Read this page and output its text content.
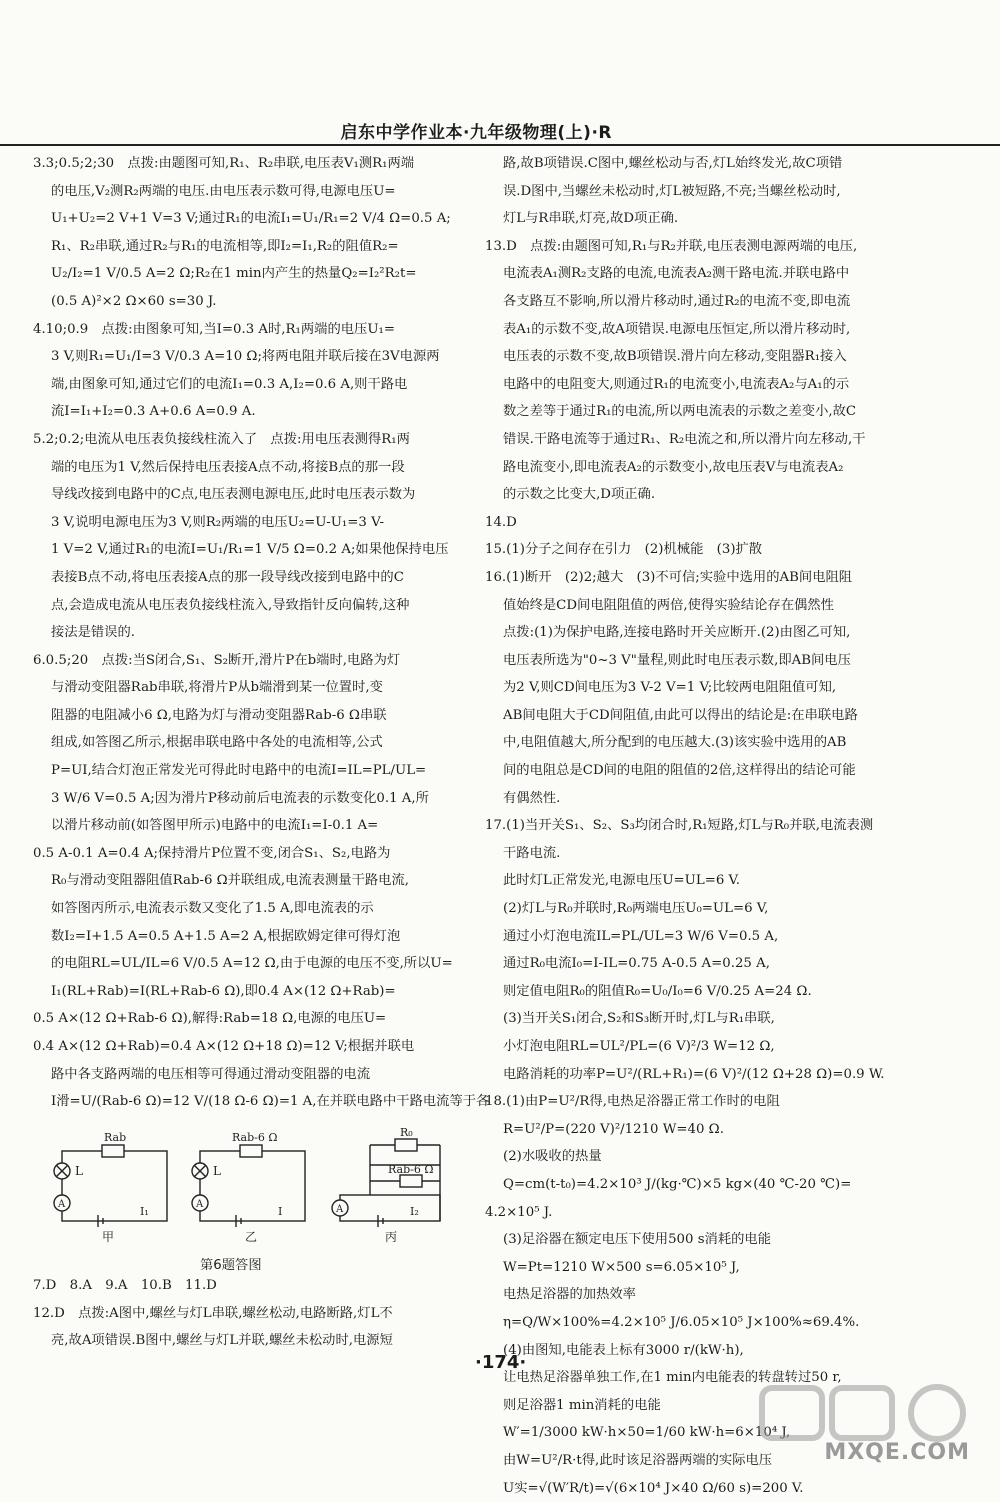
启东中学作业本·九年级物理(上)·R
3.3;0.5;2;30　点拨:由题图可知,R₁、R₂串联,电压表V₁测R₁两端
的电压,V₂测R₂两端的电压.由电压表示数可得,电源电压U=
U₁+U₂=2 V+1 V=3 V;通过R₁的电流I₁=U₁/R₁=2 V/4 Ω=0.5 A;
R₁、R₂串联,通过R₂与R₁的电流相等,即I₂=I₁,R₂的阻值R₂=
U₂/I₂=1 V/0.5 A=2 Ω;R₂在1 min内产生的热量Q₂=I₂²R₂t=
(0.5 A)²×2 Ω×60 s=30 J.
4.10;0.9　点拨:由图象可知,当I=0.3 A时,R₁两端的电压U₁=
3 V,则R₁=U₁/I=3 V/0.3 A=10 Ω;将两电阻并联后接在3V电源两
端,由图象可知,通过它们的电流I₁=0.3 A,I₂=0.6 A,则干路电
流I=I₁+I₂=0.3 A+0.6 A=0.9 A.
5.2;0.2;电流从电压表负接线柱流入了　点拨:用电压表测得R₁两
端的电压为1 V,然后保持电压表接A点不动,将接B点的那一段
导线改接到电路中的C点,电压表测电源电压,此时电压表示数为
3 V,说明电源电压为3 V,则R₂两端的电压U₂=U-U₁=3 V-
1 V=2 V,通过R₁的电流I=U₁/R₁=1 V/5 Ω=0.2 A;如果他保持电压
表接B点不动,将电压表接A点的那一段导线改接到电路中的C
点,会造成电流从电压表负接线柱流入,导致指针反向偏转,这种
接法是错误的.
6.0.5;20　点拨:当S闭合,S₁、S₂断开,滑片P在b端时,电路为灯
与滑动变阻器Rab串联,将滑片P从b端滑到某一位置时,变
阻器的电阻减小6 Ω,电路为灯与滑动变阻器Rab-6 Ω串联
组成,如答图乙所示,根据串联电路中各处的电流相等,公式
P=UI,结合灯泡正常发光可得此时电路中的电流I=IL=PL/UL=
3 W/6 V=0.5 A;因为滑片P移动前后电流表的示数变化0.1 A,所
以滑片移动前(如答图甲所示)电路中的电流I₁=I-0.1 A=
0.5 A-0.1 A=0.4 A;保持滑片P位置不变,闭合S₁、S₂,电路为
R₀与滑动变阻器阻值Rab-6 Ω并联组成,电流表测量干路电流,
如答图丙所示,电流表示数又变化了1.5 A,即电流表的示
数I₂=I+1.5 A=0.5 A+1.5 A=2 A,根据欧姆定律可得灯泡
的电阻RL=UL/IL=6 V/0.5 A=12 Ω,由于电源的电压不变,所以U=
I₁(RL+Rab)=I(RL+Rab-6 Ω),即0.4 A×(12 Ω+Rab)=
0.5 A×(12 Ω+Rab-6 Ω),解得:Rab=18 Ω,电源的电压U=
0.4 A×(12 Ω+Rab)=0.4 A×(12 Ω+18 Ω)=12 V;根据并联电
路中各支路两端的电压相等可得通过滑动变阻器的电流
I滑=U/(Rab-6 Ω)=12 V/(18 Ω-6 Ω)=1 A,在并联电路中干路电流等于各
L
A
Rab
I₁
甲
L
A
Rab-6 Ω
I
乙
A
R₀
Rab-6 Ω
I₂
丙
第6题答图
7.D　8.A　9.A　10.B　11.D
12.D　点拨:A图中,螺丝与灯L串联,螺丝松动,电路断路,灯L不
亮,故A项错误.B图中,螺丝与灯L并联,螺丝未松动时,电源短
路,故B项错误.C图中,螺丝松动与否,灯L始终发光,故C项错
误.D图中,当螺丝未松动时,灯L被短路,不亮;当螺丝松动时,
灯L与R串联,灯亮,故D项正确.
13.D　点拨:由题图可知,R₁与R₂并联,电压表测电源两端的电压,
电流表A₁测R₂支路的电流,电流表A₂测干路电流.并联电路中
各支路互不影响,所以滑片移动时,通过R₂的电流不变,即电流
表A₁的示数不变,故A项错误.电源电压恒定,所以滑片移动时,
电压表的示数不变,故B项错误.滑片向左移动,变阻器R₁接入
电路中的电阻变大,则通过R₁的电流变小,电流表A₂与A₁的示
数之差等于通过R₁的电流,所以两电流表的示数之差变小,故C
错误.干路电流等于通过R₁、R₂电流之和,所以滑片向左移动,干
路电流变小,即电流表A₂的示数变小,故电压表V与电流表A₂
的示数之比变大,D项正确.
14.D
15.(1)分子之间存在引力　(2)机械能　(3)扩散
16.(1)断开　(2)2;越大　(3)不可信;实验中选用的AB间电阻阻
值始终是CD间电阻阻值的两倍,使得实验结论存在偶然性
点拨:(1)为保护电路,连接电路时开关应断开.(2)由图乙可知,
电压表所选为"0~3 V"量程,则此时电压表示数,即AB间电压
为2 V,则CD间电压为3 V-2 V=1 V;比较两电阻阻值可知,
AB间电阻大于CD间阻值,由此可以得出的结论是:在串联电路
中,电阻值越大,所分配到的电压越大.(3)该实验中选用的AB
间的电阻总是CD间的电阻的阻值的2倍,这样得出的结论可能
有偶然性.
17.(1)当开关S₁、S₂、S₃均闭合时,R₁短路,灯L与R₀并联,电流表测
干路电流.
此时灯L正常发光,电源电压U=UL=6 V.
(2)灯L与R₀并联时,R₀两端电压U₀=UL=6 V,
通过小灯泡电流IL=PL/UL=3 W/6 V=0.5 A,
通过R₀电流I₀=I-IL=0.75 A-0.5 A=0.25 A,
则定值电阻R₀的阻值R₀=U₀/I₀=6 V/0.25 A=24 Ω.
(3)当开关S₁闭合,S₂和S₃断开时,灯L与R₁串联,
小灯泡电阻RL=UL²/PL=(6 V)²/3 W=12 Ω,
电路消耗的功率P=U²/(RL+R₁)=(6 V)²/(12 Ω+28 Ω)=0.9 W.
18.(1)由P=U²/R得,电热足浴器正常工作时的电阻
R=U²/P=(220 V)²/1210 W=40 Ω.
(2)水吸收的热量
Q=cm(t-t₀)=4.2×10³ J/(kg·℃)×5 kg×(40 ℃-20 ℃)=
4.2×10⁵ J.
(3)足浴器在额定电压下使用500 s消耗的电能
W=Pt=1210 W×500 s=6.05×10⁵ J,
电热足浴器的加热效率
η=Q/W×100%=4.2×10⁵ J/6.05×10⁵ J×100%≈69.4%.
(4)由图知,电能表上标有3000 r/(kW·h),
让电热足浴器单独工作,在1 min内电能表的转盘转过50 r,
则足浴器1 min消耗的电能
W′=1/3000 kW·h×50=1/60 kW·h=6×10⁴ J,
由W=U²/R·t得,此时该足浴器两端的实际电压
U实=√(W′R/t)=√(6×10⁴ J×40 Ω/60 s)=200 V.
·174·
MXQE.COM
